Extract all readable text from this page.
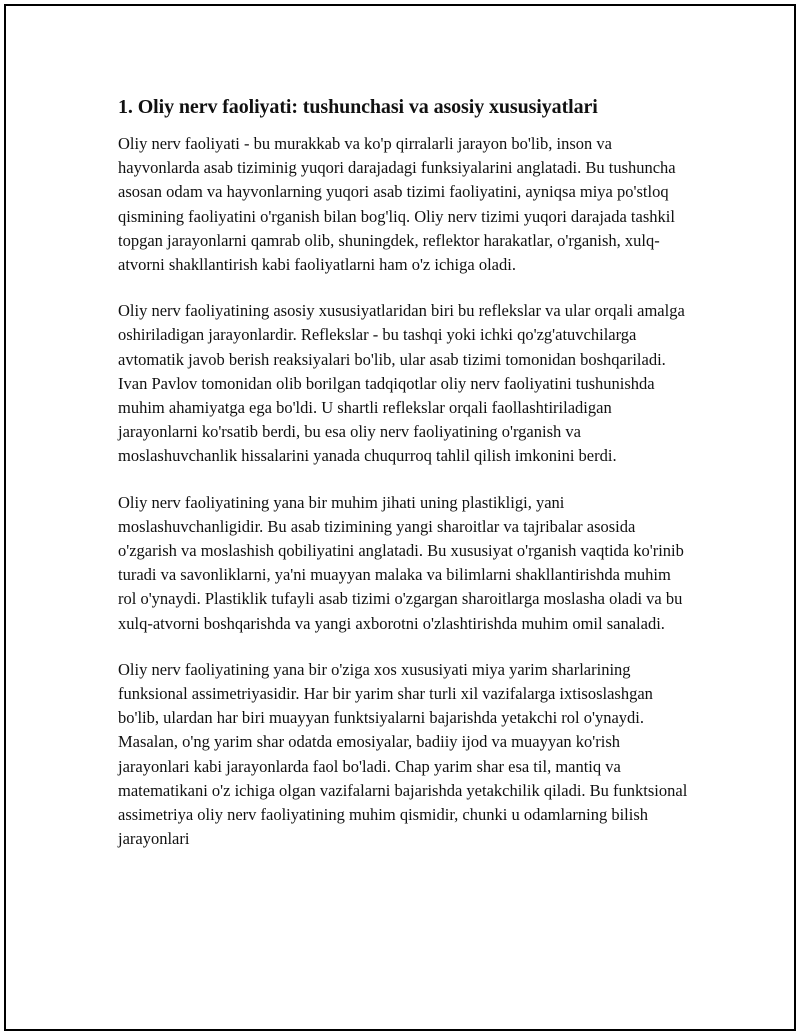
1. Oliy nerv faoliyati: tushunchasi va asosiy xususiyatlari

Oliy nerv faoliyati - bu murakkab va ko'p qirralarli jarayon bo'lib, inson va hayvonlarda asab tiziminig yuqori darajadagi funksiyalarini anglatadi. Bu tushuncha asosan odam va hayvonlarning yuqori asab tizimi faoliyatini, ayniqsa miya po'stloq qismining faoliyatini o'rganish bilan bog'liq. Oliy nerv tizimi yuqori darajada tashkil topgan jarayonlarni qamrab olib, shuningdek, reflektor harakatlar, o'rganish, xulq-atvorni shakllantirish kabi faoliyatlarni ham o'z ichiga oladi.

Oliy nerv faoliyatining asosiy xususiyatlaridan biri bu reflekslar va ular orqali amalga oshiriladigan jarayonlardir. Reflekslar - bu tashqi yoki ichki qo'zg'atuvchilarga avtomatik javob berish reaksiyalari bo'lib, ular asab tizimi tomonidan boshqariladi. Ivan Pavlov tomonidan olib borilgan tadqiqotlar oliy nerv faoliyatini tushunishda muhim ahamiyatga ega bo'ldi. U shartli reflekslar orqali faollashtiriladigan jarayonlarni ko'rsatib berdi, bu esa oliy nerv faoliyatining o'rganish va moslashuvchanlik hissalarini yanada chuqurroq tahlil qilish imkonini berdi.

Oliy nerv faoliyatining yana bir muhim jihati uning plastikligi, yani moslashuvchanligidir. Bu asab tizimining yangi sharoitlar va tajribalar asosida o'zgarish va moslashish qobiliyatini anglatadi. Bu xususiyat o'rganish vaqtida ko'rinib turadi va savonliklarni, ya'ni muayyan malaka va bilimlarni shakllantirishda muhim rol o'ynaydi. Plastiklik tufayli asab tizimi o'zgargan sharoitlarga moslasha oladi va bu xulq-atvorni boshqarishda va yangi axborotni o'zlashtirishda muhim omil sanaladi.

Oliy nerv faoliyatining yana bir o'ziga xos xususiyati miya yarim sharlarining funksional assimetriyasidir. Har bir yarim shar turli xil vazifalarga ixtisoslashgan bo'lib, ulardan har biri muayyan funktsiyalarni bajarishda yetakchi rol o'ynaydi. Masalan, o'ng yarim shar odatda emosiyalar, badiiy ijod va muayyan ko'rish jarayonlari kabi jarayonlarda faol bo'ladi. Chap yarim shar esa til, mantiq va matematikani o'z ichiga olgan vazifalarni bajarishda yetakchilik qiladi. Bu funktsional assimetriya oliy nerv faoliyatining muhim qismidir, chunki u odamlarning bilish jarayonlari
